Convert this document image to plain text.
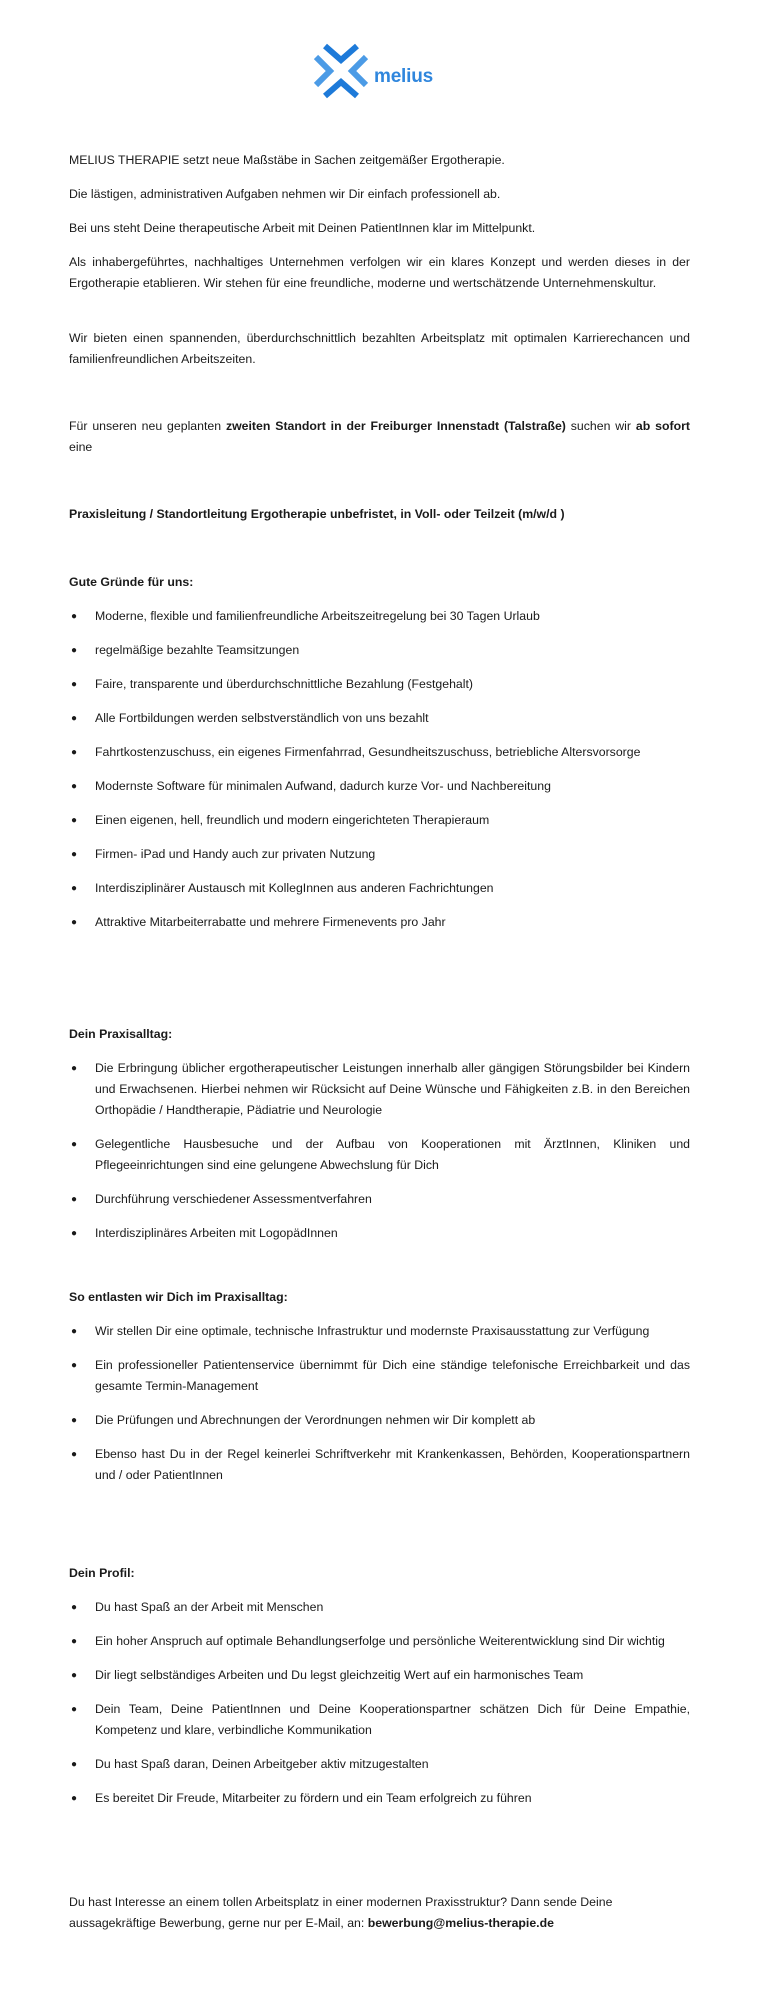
melius

MELIUS THERAPIE setzt neue Maßstäbe in Sachen zeitgemäßer Ergotherapie.

Die lästigen, administrativen Aufgaben nehmen wir Dir einfach professionell ab.

Bei uns steht Deine therapeutische Arbeit mit Deinen PatientInnen klar im Mittelpunkt.

Als inhabergeführtes, nachhaltiges Unternehmen verfolgen wir ein klares Konzept und werden dieses in der Ergotherapie etablieren. Wir stehen für eine freundliche, moderne und wertschätzende Unternehmenskultur.

Wir bieten einen spannenden, überdurchschnittlich bezahlten Arbeitsplatz mit optimalen Karrierechancen und familienfreundlichen Arbeitszeiten.

Für unseren neu geplanten zweiten Standort in der Freiburger Innenstadt (Talstraße) suchen wir ab sofort eine

Praxisleitung / Standortleitung Ergotherapie unbefristet, in Voll- oder Teilzeit (m/w/d )

Gute Gründe für uns:

● Moderne, flexible und familienfreundliche Arbeitszeitregelung bei 30 Tagen Urlaub
● regelmäßige bezahlte Teamsitzungen
● Faire, transparente und überdurchschnittliche Bezahlung (Festgehalt)
● Alle Fortbildungen werden selbstverständlich von uns bezahlt
● Fahrtkostenzuschuss, ein eigenes Firmenfahrrad, Gesundheitszuschuss, betriebliche Altersvorsorge
● Modernste Software für minimalen Aufwand, dadurch kurze Vor- und Nachbereitung
● Einen eigenen, hell, freundlich und modern eingerichteten Therapieraum
● Firmen- iPad und Handy auch zur privaten Nutzung
● Interdisziplinärer Austausch mit KollegInnen aus anderen Fachrichtungen
● Attraktive Mitarbeiterrabatte und mehrere Firmenevents pro Jahr

Dein Praxisalltag:

● Die Erbringung üblicher ergotherapeutischer Leistungen innerhalb aller gängigen Störungsbilder bei Kindern und Erwachsenen. Hierbei nehmen wir Rücksicht auf Deine Wünsche und Fähigkeiten z.B. in den Bereichen Orthopädie / Handtherapie, Pädiatrie und Neurologie
● Gelegentliche Hausbesuche und der Aufbau von Kooperationen mit ÄrztInnen, Kliniken und Pflegeeinrichtungen sind eine gelungene Abwechslung für Dich
● Durchführung verschiedener Assessmentverfahren
● Interdisziplinäres Arbeiten mit LogopädInnen

So entlasten wir Dich im Praxisalltag:

● Wir stellen Dir eine optimale, technische Infrastruktur und modernste Praxisausstattung zur Verfügung
● Ein professioneller Patientenservice übernimmt für Dich eine ständige telefonische Erreichbarkeit und das gesamte Termin-Management
● Die Prüfungen und Abrechnungen der Verordnungen nehmen wir Dir komplett ab
● Ebenso hast Du in der Regel keinerlei Schriftverkehr mit Krankenkassen, Behörden, Kooperationspartnern und / oder PatientInnen

Dein Profil:

● Du hast Spaß an der Arbeit mit Menschen
● Ein hoher Anspruch auf optimale Behandlungserfolge und persönliche Weiterentwicklung sind Dir wichtig
● Dir liegt selbständiges Arbeiten und Du legst gleichzeitig Wert auf ein harmonisches Team
● Dein Team, Deine PatientInnen und Deine Kooperationspartner schätzen Dich für Deine Empathie, Kompetenz und klare, verbindliche Kommunikation
● Du hast Spaß daran, Deinen Arbeitgeber aktiv mitzugestalten
● Es bereitet Dir Freude, Mitarbeiter zu fördern und ein Team erfolgreich zu führen

Du hast Interesse an einem tollen Arbeitsplatz in einer modernen Praxisstruktur? Dann sende Deine aussagekräftige Bewerbung, gerne nur per E-Mail, an: bewerbung@melius-therapie.de
